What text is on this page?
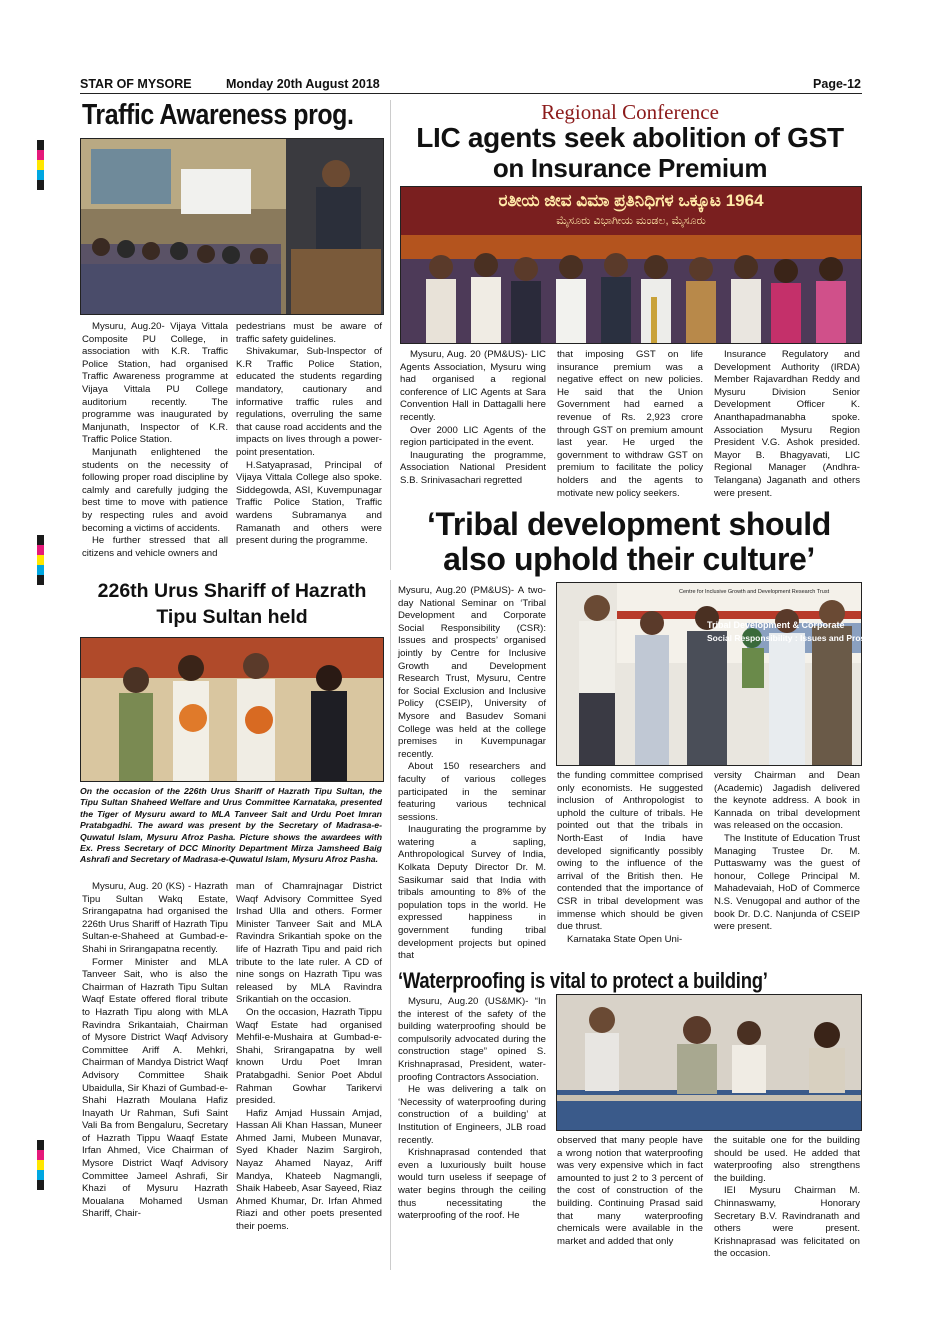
STAR OF MYSORE	Monday 20th August 2018	Page-12
Traffic Awareness prog.

Mysuru, Aug.20- Vijaya Vittala Composite PU College, in association with K.R. Traffic Police Station, had organised Traffic Awareness programme at Vijaya Vittala PU College auditorium recently. The programme was inaugurated by Manjunath, Inspector of K.R. Traffic Police Station.

Manjunath enlightened the students on the necessity of following proper road discipline by calmly and carefully judging the best time to move with patience by respecting rules and avoid becoming a victims of accidents.

He further stressed that all citizens and vehicle owners and

pedestrians must be aware of traffic safety guidelines.

Shivakumar, Sub-Inspector of K.R Traffic Police Station, educated the students regarding mandatory, cautionary and informative traffic rules and regulations, overruling the same that cause road accidents and the impacts on lives through a power-point presentation.

H.Satyaprasad, Principal of Vijaya Vittala College also spoke. Siddegowda, ASI, Kuvempunagar Traffic Police Station, Traffic wardens Subramanya and Ramanath and others were present during the programme.

Regional Conference
LIC agents seek abolition of GST
on Insurance Premium
ರತೀಯ ಜೀವ ವಿಮಾ ಪ್ರತಿನಿಧಿಗಳ ಒಕ್ಕೂಟ 1964
ಮೈಸೂರು ವಿಭಾಗೀಯ ಮಂಡಲ, ಮೈಸೂರು

Mysuru, Aug. 20 (PM&US)- LIC Agents Association, Mysuru wing had organised a regional conference of LIC Agents at Sara Convention Hall in Dattagalli here recently.

Over 2000 LIC Agents of the region participated in the event.

Inaugurating the programme, Association National President S.B. Srinivasachari regretted

that imposing GST on life insurance premium was a negative effect on new policies. He said that the Union Government had earned a revenue of Rs. 2,923 crore through GST on premium amount last year. He urged the government to withdraw GST on premium to facilitate the policy holders and the agents to motivate new policy seekers.

Insurance Regulatory and Development Authority (IRDA) Member Rajavardhan Reddy and Mysuru Division Senior Development Officer K. Ananthapadmanabha spoke. Association Mysuru Region President V.G. Ashok presided. Mayor B. Bhagyavati, LIC Regional Manager (Andhra-Telangana) Jaganath and others were present.

‘Tribal development should
also uphold their culture’

Mysuru, Aug.20 (PM&US)- A two-day National Seminar on ‘Tribal Development and Corporate Social Responsibility (CSR): Issues and prospects’ organised jointly by Centre for Inclusive Growth and Development Research Trust, Mysuru, Centre for Social Exclusion and Inclusive Policy (CSEIP), University of Mysore and Basudev Somani College was held at the college premises in Kuvempunagar recently.

About 150 researchers and faculty of various colleges participated in the seminar featuring various technical sessions.

Inaugurating the programme by watering a sapling, Anthropological Survey of India, Kolkata Deputy Director Dr. M. Sasikumar said that India with tribals amounting to 8% of the population tops in the world. He expressed happiness in government funding tribal development projects but opined that

Centre for Inclusive Growth and Development Research Trust
Tribal Development & Corporate
Social Responsibility : Issues and Prospects

the funding committee comprised only economists. He suggested inclusion of Anthropologist to uphold the culture of tribals. He pointed out that the tribals in North-East of India have developed significantly possibly owing to the influence of the arrival of the British then. He contended that the importance of CSR in tribal development was immense which should be given due thrust.

Karnataka State Open Uni-

versity Chairman and Dean (Academic) Jagadish delivered the keynote address. A book in Kannada on tribal development was released on the occasion.

The Institute of Education Trust Managing Trustee Dr. M. Puttaswamy was the guest of honour, College Principal M. Mahadevaiah, HoD of Commerce N.S. Venugopal and author of the book Dr. D.C. Nanjunda of CSEIP were present.

226th Urus Shariff of Hazrath
Tipu Sultan held
On the occasion of the 226th Urus Shariff of Hazrath Tipu Sultan, the Tipu Sultan Shaheed Welfare and Urus Committee Karnataka, presented the Tiger of Mysuru award to MLA Tanveer Sait and Urdu Poet Imran Pratabgadhi. The award was present by the Secretary of Madrasa-e-Quwatul Islam, Mysuru Afroz Pasha. Picture shows the awardees with Ex. Press Secretary of DCC Minority Department Mirza Jamsheed Baig Ashrafi and Secretary of Madrasa-e-Quwatul Islam, Mysuru Afroz Pasha.

Mysuru, Aug. 20 (KS) - Hazrath Tipu Sultan Wakq Estate, Srirangapatna had organised the 226th Urus Shariff of Hazrath Tipu Sultan-e-Shaheed at Gumbad-e-Shahi in Srirangapatna recently.

Former Minister and MLA Tanveer Sait, who is also the Chairman of Hazrath Tipu Sultan Waqf Estate offered floral tribute to Hazrath Tipu along with MLA Ravindra Srikantaiah, Chairman of Mysore District Waqf Advisory Committee Ariff A. Mehkri, Chairman of Mandya District Waqf Advisory Committee Shaik Ubaidulla, Sir Khazi of Gumbad-e-Shahi Hazrath Moulana Hafiz Inayath Ur Rahman, Sufi Saint Vali Ba from Bengaluru, Secretary of Hazrath Tippu Waaqf Estate Irfan Ahmed, Vice Chairman of Mysore District Waqf Advisory Committee Jameel Ashrafi, Sir Khazi of Mysuru Hazrath Moualana Mohamed Usman Shariff, Chair-

man of Chamrajnagar District Waqf Advisory Committee Syed Irshad Ulla and others. Former Minister Tanveer Sait and MLA Ravindra Srikantiah spoke on the life of Hazrath Tipu and paid rich tribute to the late ruler. A CD of nine songs on Hazrath Tipu was released by MLA Ravindra Srikantiah on the occasion.

On the occasion, Hazrath Tippu Waqf Estate had organised Mehfil-e-Mushaira at Gumbad-e-Shahi, Srirangapatna by well known Urdu Poet Imran Pratabgadhi. Senior Poet Abdul Rahman Gowhar Tarikervi presided.

Hafiz Amjad Hussain Amjad, Hassan Ali Khan Hassan, Muneer Ahmed Jami, Mubeen Munavar, Syed Khader Nazim Sargiroh, Nayaz Ahamed Nayaz, Ariff Mandya, Khateeb Nagmangli, Shaik Habeeb, Asar Sayeed, Riaz Ahmed Khumar, Dr. Irfan Ahmed Riazi and other poets presented their poems.

‘Waterproofing is vital to protect a building’

Mysuru, Aug.20 (US&MK)- “In the interest of the safety of the building waterproofing should be compulsorily advocated during the construction stage” opined S. Krishnaprasad, President, water-proofing Contractors Association.

He was delivering a talk on ‘Necessity of waterproofing during construction of a building’ at Institution of Engineers, JLB road recently.

Krishnaprasad contended that even a luxuriously built house would turn useless if seepage of water begins through the ceiling thus necessitating the waterproofing of the roof. He

observed that many people have a wrong notion that waterproofing was very expensive which in fact amounted to just 2 to 3 percent of the cost of construction of the building. Continuing Prasad said that many waterproofing chemicals were available in the market and added that only

the suitable one for the building should be used. He added that waterproofing also strengthens the building.

IEI Mysuru Chairman M. Chinnaswamy, Honorary Secretary B.V. Ravindranath and others were present. Krishnaprasad was felicitated on the occasion.
